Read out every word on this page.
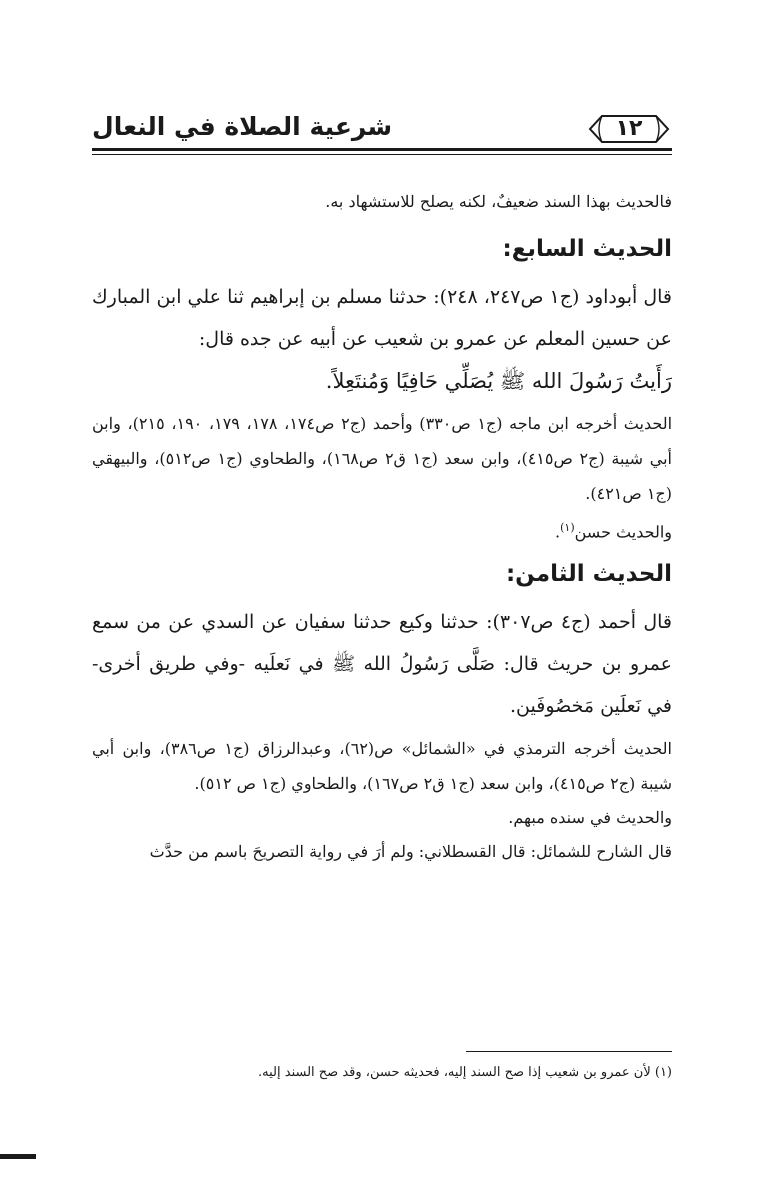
شرعية الصلاة في النعال	١٢

فالحديث بهذا السند ضعيفٌ، لكنه يصلح للاستشهاد به.

الحديث السابع:

قال أبوداود (ج١ ص٢٤٧، ٢٤٨): حدثنا مسلم بن إبراهيم ثنا علي ابن المبارك عن حسين المعلم عن عمرو بن شعيب عن أبيه عن جده قال:

رَأَيتُ رَسُولَ الله ﷺ يُصَلِّي حَافِيًا وَمُنتَعِلاً.

الحديث أخرجه ابن ماجه (ج١ ص٣٣٠) وأحمد (ج٢ ص١٧٤، ١٧٨، ١٧٩، ١٩٠، ٢١٥)، وابن أبي شيبة (ج٢ ص٤١٥)، وابن سعد (ج١ ق٢ ص١٦٨)، والطحاوي (ج١ ص٥١٢)، والبيهقي (ج١ ص٤٢١).

والحديث حسن$^{(١)}$.

الحديث الثامن:

قال أحمد (ج٤ ص٣٠٧): حدثنا وكيع حدثنا سفيان عن السدي عن من سمع عمرو بن حريث قال: صَلَّى رَسُولُ الله ﷺ في نَعلَيه -وفي طريق أخرى- في نَعلَين مَخصُوفَين.

الحديث أخرجه الترمذي في «الشمائل» ص(٦٢)، وعبدالرزاق (ج١ ص٣٨٦)، وابن أبي شيبة (ج٢ ص٤١٥)، وابن سعد (ج١ ق٢ ص١٦٧)، والطحاوي (ج١ ص ٥١٢).

والحديث في سنده مبهم.

قال الشارح للشمائل: قال القسطلاني: ولم أرَ في رواية التصريحَ باسم من حدَّث

(١) لأن عمرو بن شعيب إذا صح السند إليه، فحديثه حسن، وقد صح السند إليه.
